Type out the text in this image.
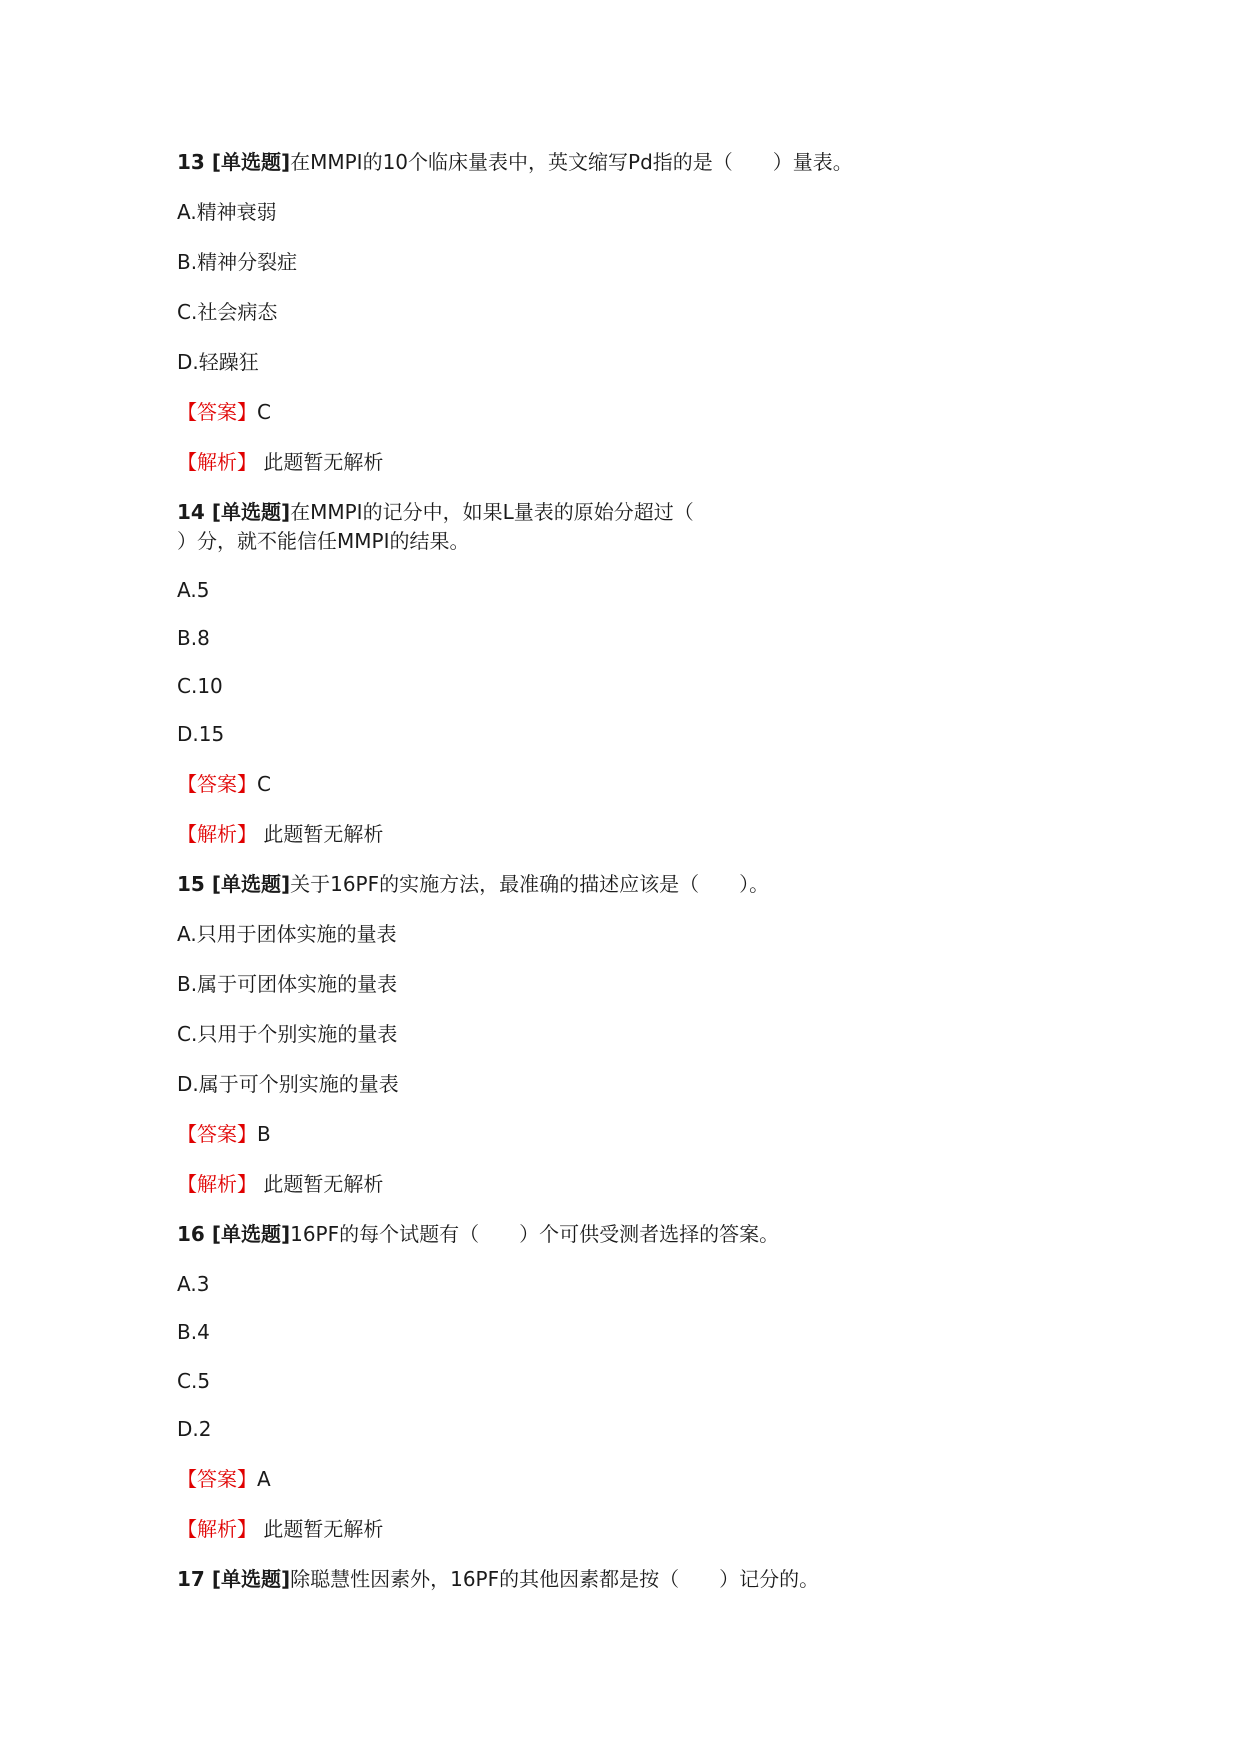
13 [单选题]在MMPI的10个临床量表中，英文缩写Pd指的是（　　）量表。
A.精神衰弱
B.精神分裂症
C.社会病态
D.轻躁狂
【答案】C
【解析】 此题暂无解析
14 [单选题]在MMPI的记分中，如果L量表的原始分超过（
）分，就不能信任MMPI的结果。
A.5
B.8
C.10
D.15
【答案】C
【解析】 此题暂无解析
15 [单选题]关于16PF的实施方法，最准确的描述应该是（　　）。
A.只用于团体实施的量表
B.属于可团体实施的量表
C.只用于个别实施的量表
D.属于可个别实施的量表
【答案】B
【解析】 此题暂无解析
16 [单选题]16PF的每个试题有（　　）个可供受测者选择的答案。
A.3
B.4
C.5
D.2
【答案】A
【解析】 此题暂无解析
17 [单选题]除聪慧性因素外，16PF的其他因素都是按（　　）记分的。
